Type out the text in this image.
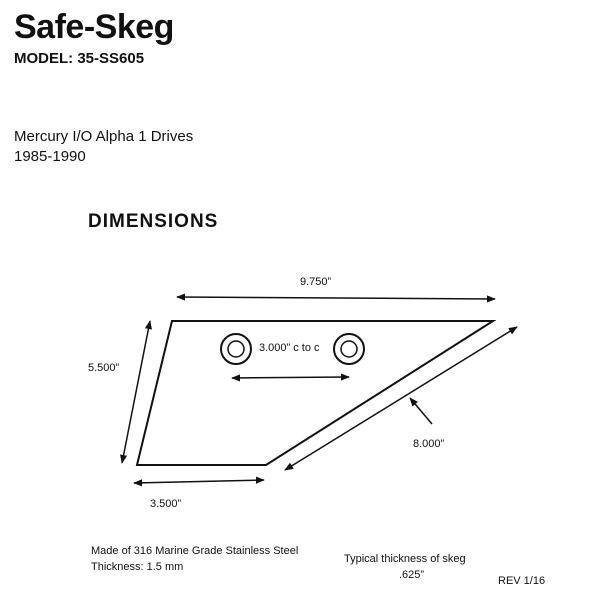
Safe-Skeg
MODEL: 35-SS605
Mercury I/O Alpha 1 Drives
1985-1990
DIMENSIONS
9.750”
5.500”
3.000” c to c
8.000”
3.500”
Made of 316 Marine Grade Stainless Steel
Thickness: 1.5 mm
Typical thickness of skeg
.625”	REV 1/16
